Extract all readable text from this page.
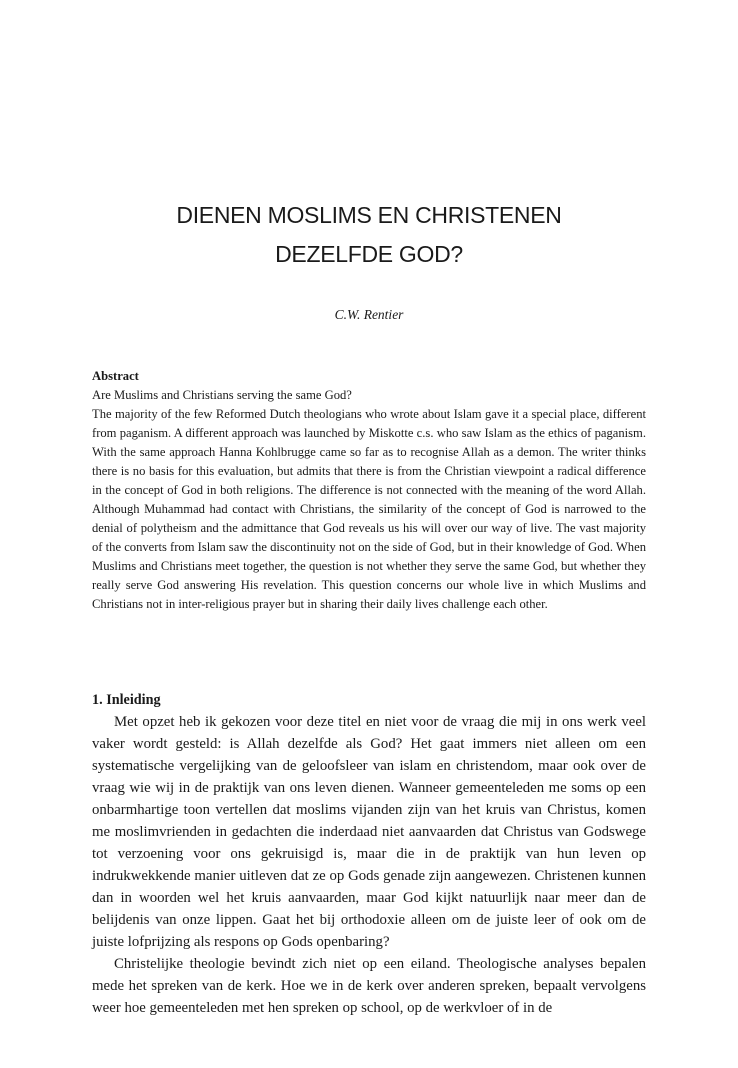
DIENEN MOSLIMS EN CHRISTENEN
DEZELFDE GOD?
C.W. Rentier
Abstract
Are Muslims and Christians serving the same God?

The majority of the few Reformed Dutch theologians who wrote about Islam gave it a special place, different from paganism. A different approach was launched by Miskotte c.s. who saw Islam as the ethics of paganism. With the same approach Hanna Kohlbrugge came so far as to recognise Allah as a demon. The writer thinks there is no basis for this evaluation, but admits that there is from the Christian viewpoint a radical difference in the concept of God in both religions. The difference is not connected with the meaning of the word Allah. Although Muhammad had contact with Christians, the similarity of the concept of God is narrowed to the denial of polytheism and the admittance that God reveals us his will over our way of live. The vast majority of the converts from Islam saw the discontinuity not on the side of God, but in their knowledge of God. When Muslims and Christians meet together, the question is not whether they serve the same God, but whether they really serve God answering His revelation. This question concerns our whole live in which Muslims and Christians not in inter-religious prayer but in sharing their daily lives challenge each other.

1. Inleiding

Met opzet heb ik gekozen voor deze titel en niet voor de vraag die mij in ons werk veel vaker wordt gesteld: is Allah dezelfde als God? Het gaat immers niet alleen om een systematische vergelijking van de geloofsleer van islam en christendom, maar ook over de vraag wie wij in de praktijk van ons leven dienen. Wanneer gemeenteleden me soms op een onbarmhartige toon vertellen dat moslims vijanden zijn van het kruis van Christus, komen me moslimvrienden in gedachten die inderdaad niet aanvaarden dat Christus van Godswege tot verzoening voor ons gekruisigd is, maar die in de praktijk van hun leven op indrukwekkende manier uitleven dat ze op Gods genade zijn aangewezen. Christenen kunnen dan in woorden wel het kruis aanvaarden, maar God kijkt natuurlijk naar meer dan de belijdenis van onze lippen. Gaat het bij orthodoxie alleen om de juiste leer of ook om de juiste lofprijzing als respons op Gods openbaring?

Christelijke theologie bevindt zich niet op een eiland. Theologische analyses bepalen mede het spreken van de kerk. Hoe we in de kerk over anderen spreken, bepaalt vervolgens weer hoe gemeenteleden met hen spreken op school, op de werkvloer of in de
